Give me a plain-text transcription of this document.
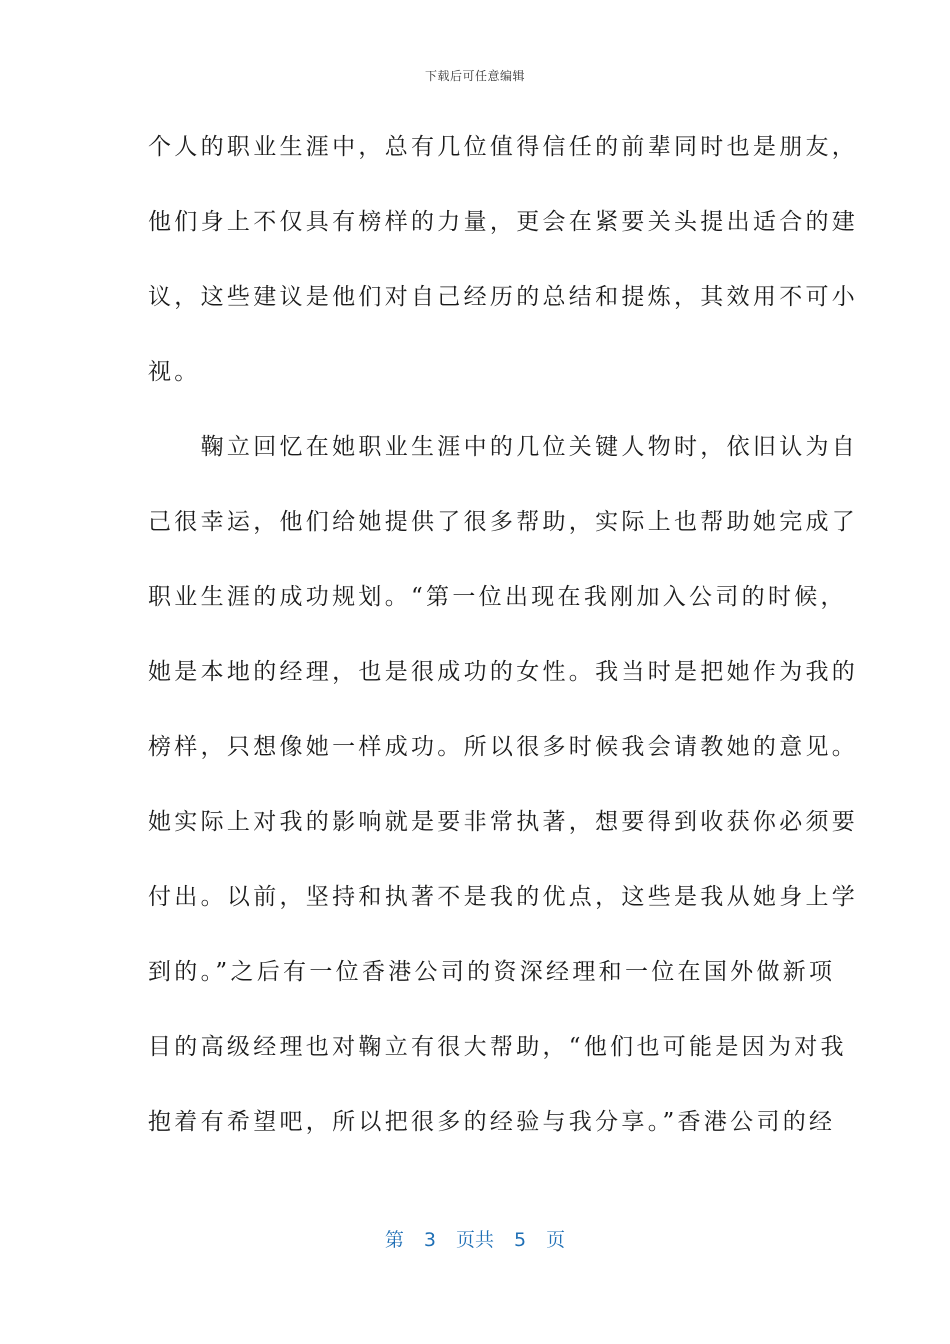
下载后可任意编辑
个人的职业生涯中，总有几位值得信任的前辈同时也是朋友，
他们身上不仅具有榜样的力量，更会在紧要关头提出适合的建
议，这些建议是他们对自己经历的总结和提炼，其效用不可小
视。
　　鞠立回忆在她职业生涯中的几位关键人物时，依旧认为自
己很幸运，他们给她提供了很多帮助，实际上也帮助她完成了
职业生涯的成功规划。“第一位出现在我刚加入公司的时候，
她是本地的经理，也是很成功的女性。我当时是把她作为我的
榜样，只想像她一样成功。所以很多时候我会请教她的意见。
她实际上对我的影响就是要非常执著，想要得到收获你必须要
付出。以前，坚持和执著不是我的优点，这些是我从她身上学
到的。”之后有一位香港公司的资深经理和一位在国外做新项
目的高级经理也对鞠立有很大帮助，“他们也可能是因为对我
抱着有希望吧，所以把很多的经验与我分享。”香港公司的经
第 3 页共 5 页
